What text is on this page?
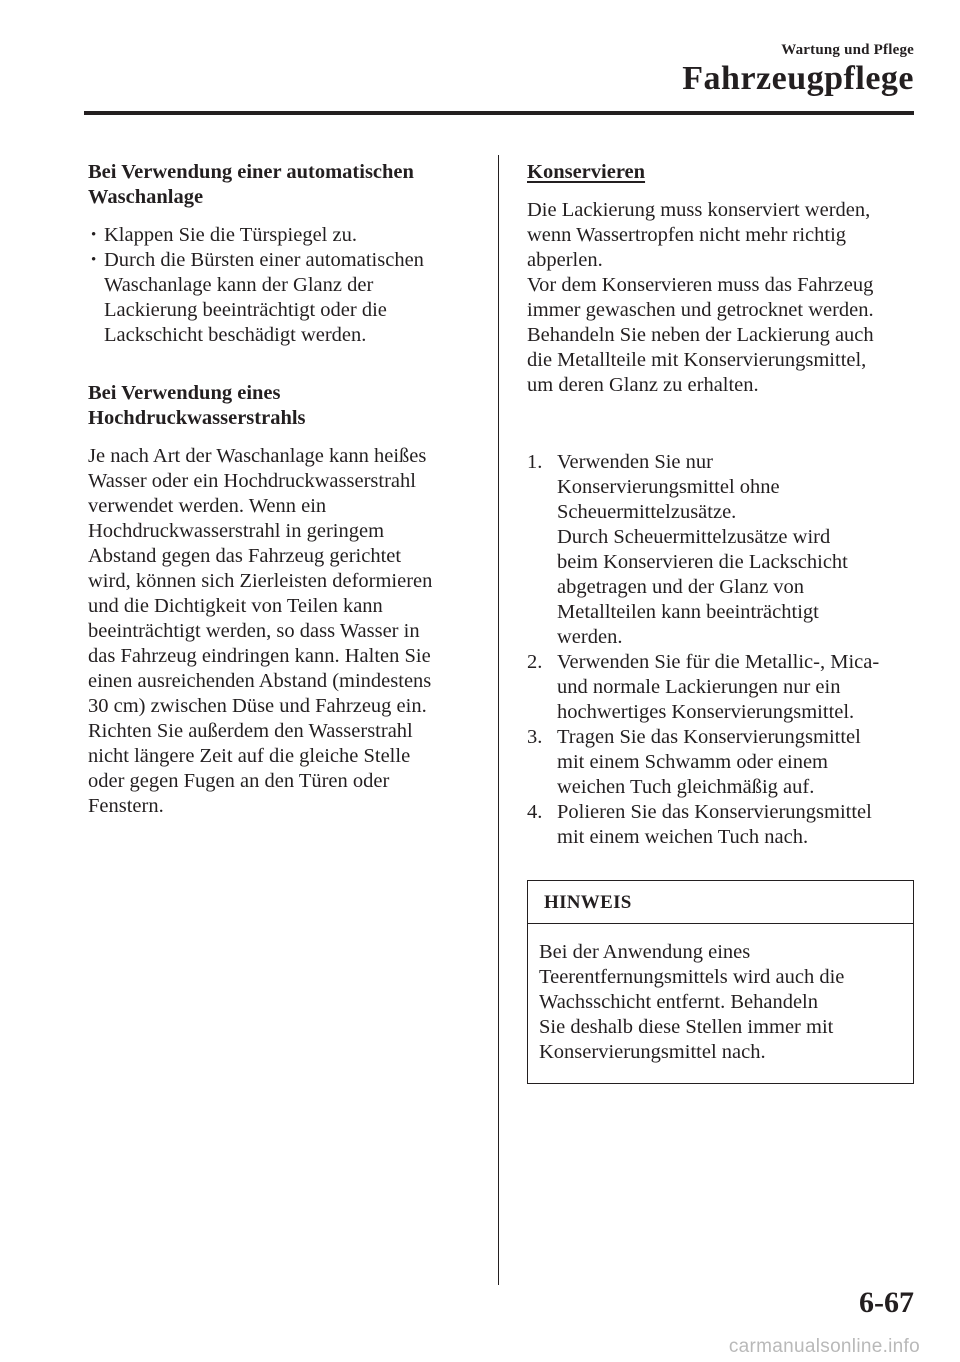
Wartung und Pflege
Fahrzeugpflege

Bei Verwendung einer automatischen
Waschanlage

• Klappen Sie die Türspiegel zu.
• Durch die Bürsten einer automatischen
Waschanlage kann der Glanz der
Lackierung beeinträchtigt oder die
Lackschicht beschädigt werden.

Bei Verwendung eines
Hochdruckwasserstrahls

Je nach Art der Waschanlage kann heißes
Wasser oder ein Hochdruckwasserstrahl
verwendet werden. Wenn ein
Hochdruckwasserstrahl in geringem
Abstand gegen das Fahrzeug gerichtet
wird, können sich Zierleisten deformieren
und die Dichtigkeit von Teilen kann
beeinträchtigt werden, so dass Wasser in
das Fahrzeug eindringen kann. Halten Sie
einen ausreichenden Abstand (mindestens
30 cm) zwischen Düse und Fahrzeug ein.
Richten Sie außerdem den Wasserstrahl
nicht längere Zeit auf die gleiche Stelle
oder gegen Fugen an den Türen oder
Fenstern.

Konservieren

Die Lackierung muss konserviert werden,
wenn Wassertropfen nicht mehr richtig
abperlen.
Vor dem Konservieren muss das Fahrzeug
immer gewaschen und getrocknet werden.
Behandeln Sie neben der Lackierung auch
die Metallteile mit Konservierungsmittel,
um deren Glanz zu erhalten.

1. Verwenden Sie nur
Konservierungsmittel ohne
Scheuermittelzusätze.
Durch Scheuermittelzusätze wird
beim Konservieren die Lackschicht
abgetragen und der Glanz von
Metallteilen kann beeinträchtigt
werden.
2. Verwenden Sie für die Metallic-, Mica-
und normale Lackierungen nur ein
hochwertiges Konservierungsmittel.
3. Tragen Sie das Konservierungsmittel
mit einem Schwamm oder einem
weichen Tuch gleichmäßig auf.
4. Polieren Sie das Konservierungsmittel
mit einem weichen Tuch nach.
HINWEIS
Bei der Anwendung eines
Teerentfernungsmittels wird auch die
Wachsschicht entfernt. Behandeln
Sie deshalb diese Stellen immer mit
Konservierungsmittel nach.
6-67
carmanualsonline.info
